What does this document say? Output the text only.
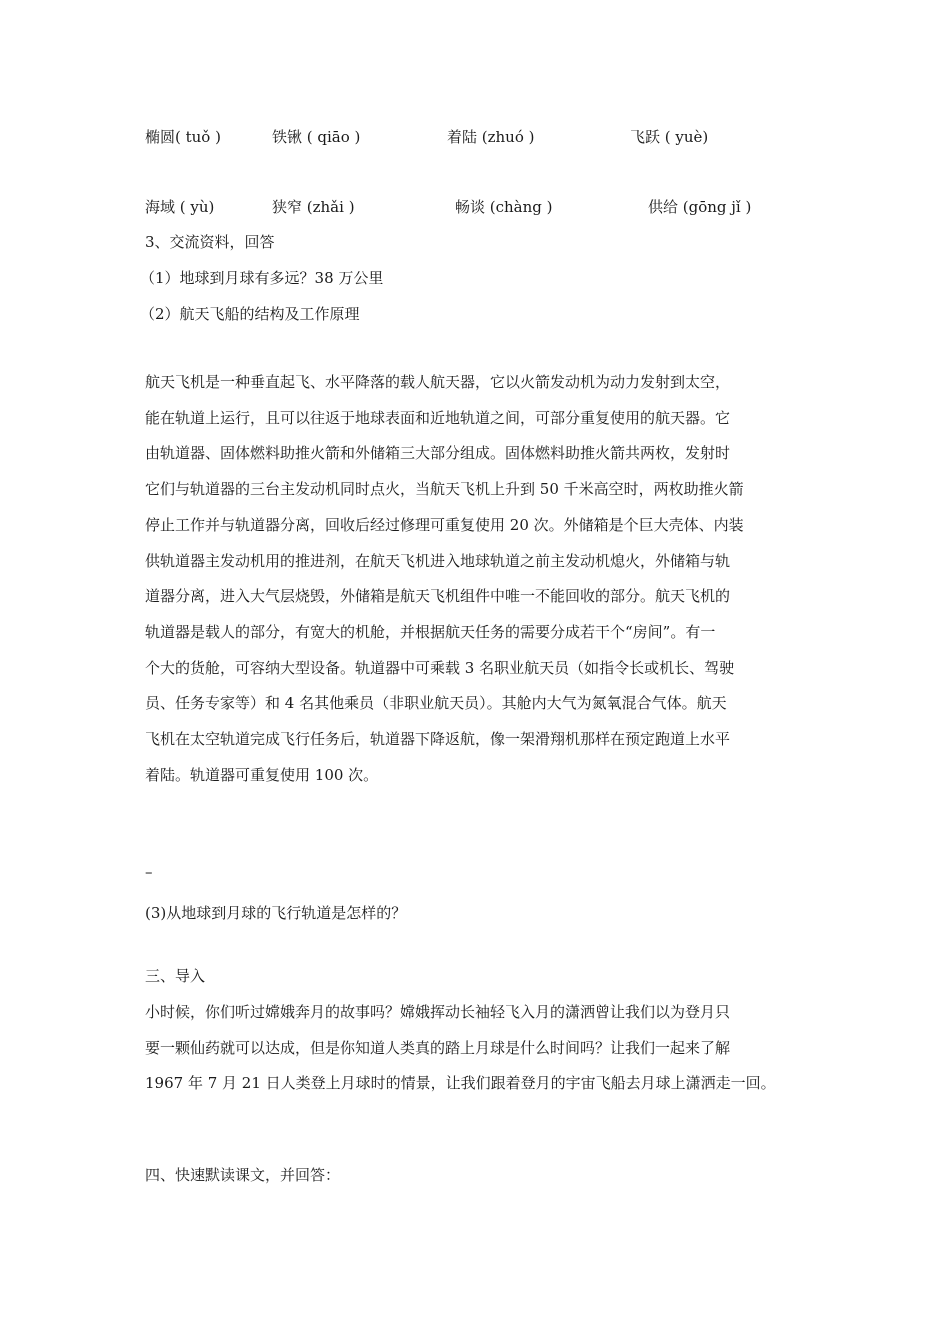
椭圆( tuǒ )	铁锹 ( qiāo )	着陆 (zhuó )	飞跃 ( yuè)
海域 ( yù)	狭窄 (zhǎi )	畅谈 (chàng )	供给 (gōng jǐ )
3、交流资料，回答
（1）地球到月球有多远？38 万公里
（2）航天飞船的结构及工作原理
航天飞机是一种垂直起飞、水平降落的载人航天器，它以火箭发动机为动力发射到太空，
能在轨道上运行，且可以往返于地球表面和近地轨道之间，可部分重复使用的航天器。它
由轨道器、固体燃料助推火箭和外储箱三大部分组成。固体燃料助推火箭共两枚，发射时
它们与轨道器的三台主发动机同时点火，当航天飞机上升到 50 千米高空时，两枚助推火箭
停止工作并与轨道器分离，回收后经过修理可重复使用 20 次。外储箱是个巨大壳体、内装
供轨道器主发动机用的推进剂，在航天飞机进入地球轨道之前主发动机熄火，外储箱与轨
道器分离，进入大气层烧毁，外储箱是航天飞机组件中唯一不能回收的部分。航天飞机的
轨道器是载人的部分，有宽大的机舱，并根据航天任务的需要分成若干个“房间”。有一
个大的货舱，可容纳大型设备。轨道器中可乘载 3 名职业航天员（如指令长或机长、驾驶
员、任务专家等）和 4 名其他乘员（非职业航天员）。其舱内大气为氮氧混合气体。航天
飞机在太空轨道完成飞行任务后，轨道器下降返航，像一架滑翔机那样在预定跑道上水平
着陆。轨道器可重复使用 100 次。
–
(3)从地球到月球的飞行轨道是怎样的？
三、导入
小时候，你们听过嫦娥奔月的故事吗？嫦娥挥动长袖轻飞入月的潇洒曾让我们以为登月只
要一颗仙药就可以达成，但是你知道人类真的踏上月球是什么时间吗？让我们一起来了解
1967 年 7 月 21 日人类登上月球时的情景，让我们跟着登月的宇宙飞船去月球上潇洒走一回。
四、快速默读课文，并回答：
